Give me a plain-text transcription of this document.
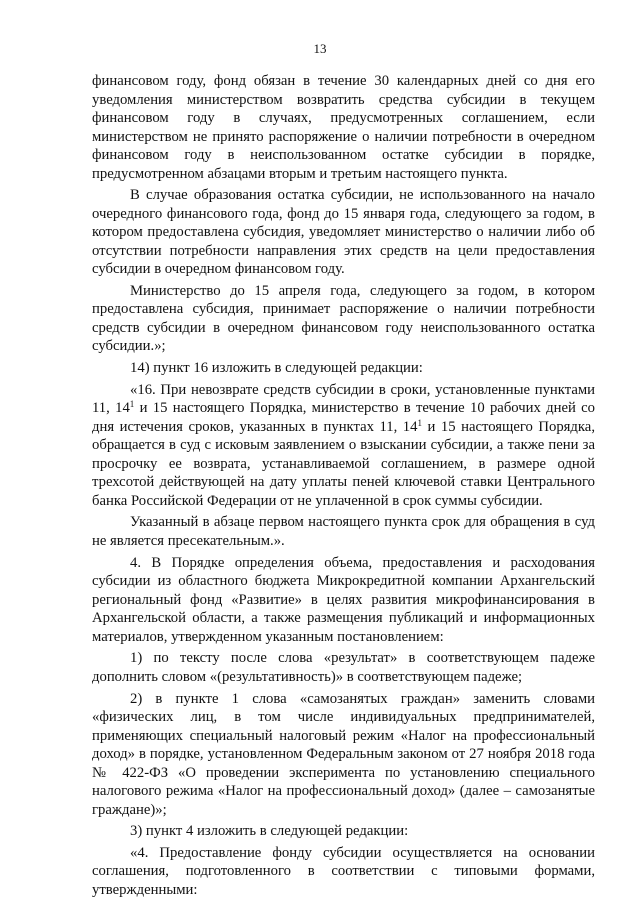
13

финансовом году, фонд обязан в течение 30 календарных дней со дня его уведомления министерством возвратить средства субсидии в текущем финансовом году в случаях, предусмотренных соглашением, если министерством не принято распоряжение о наличии потребности в очередном финансовом году в неиспользованном остатке субсидии в порядке, предусмотренном абзацами вторым и третьим настоящего пункта.

В случае образования остатка субсидии, не использованного на начало очередного финансового года, фонд до 15 января года, следующего за годом, в котором предоставлена субсидия, уведомляет министерство о наличии либо об отсутствии потребности направления этих средств на цели предоставления субсидии в очередном финансовом году.

Министерство до 15 апреля года, следующего за годом, в котором предоставлена субсидия, принимает распоряжение о наличии потребности средств субсидии в очередном финансовом году неиспользованного остатка субсидии.»;

14) пункт 16 изложить в следующей редакции:

«16. При невозврате средств субсидии в сроки, установленные пунктами 11, $14^1$ и 15 настоящего Порядка, министерство в течение 10 рабочих дней со дня истечения сроков, указанных в пунктах 11, $14^1$ и 15 настоящего Порядка, обращается в суд с исковым заявлением о взыскании субсидии, а также пени за просрочку ее возврата, устанавливаемой соглашением, в размере одной трехсотой действующей на дату уплаты пеней ключевой ставки Центрального банка Российской Федерации от не уплаченной в срок суммы субсидии.

Указанный в абзаце первом настоящего пункта срок для обращения в суд не является пресекательным.».

4. В Порядке определения объема, предоставления и расходования субсидии из областного бюджета Микрокредитной компании Архангельский региональный фонд «Развитие» в целях развития микрофинансирования в Архангельской области, а также размещения публикаций и информационных материалов, утвержденном указанным постановлением:

1) по тексту после слова «результат» в соответствующем падеже дополнить словом «(результативность)» в соответствующем падеже;

2) в пункте 1 слова «самозанятых граждан» заменить словами «физических лиц, в том числе индивидуальных предпринимателей, применяющих специальный налоговый режим «Налог на профессиональный доход» в порядке, установленном Федеральным законом от 27 ноября 2018 года № 422-ФЗ «О проведении эксперимента по установлению специального налогового режима «Налог на профессиональный доход» (далее – самозанятые граждане)»;

3) пункт 4 изложить в следующей редакции:

«4. Предоставление фонду субсидии осуществляется на основании соглашения, подготовленного в соответствии с типовыми формами, утвержденными:
